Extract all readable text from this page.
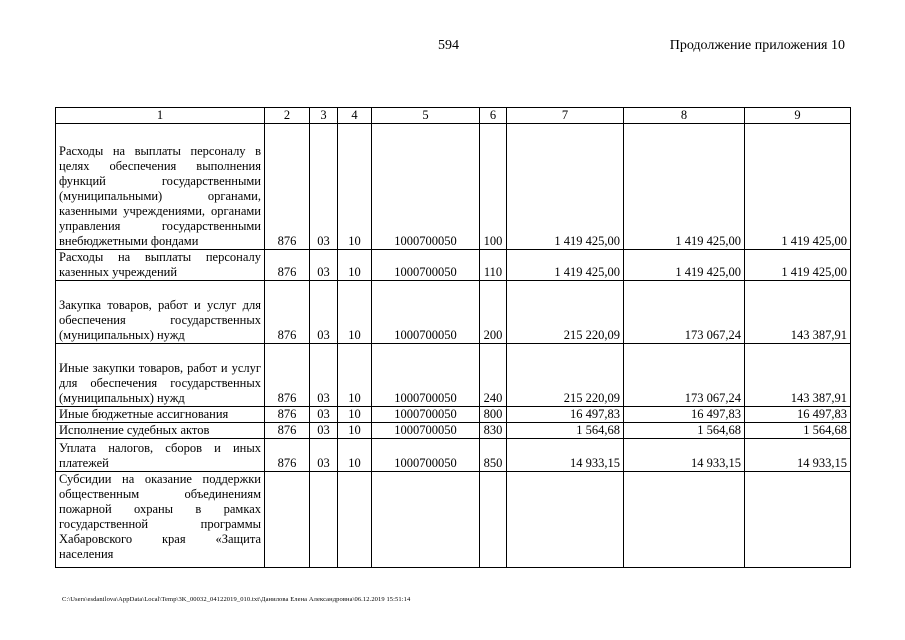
594	Продолжение приложения 10
1	2	3	4	5	6	7	8	9
Расходы на выплаты персоналу в целях обеспечения выполнения функций государственными (муниципальными) органами, казенными учреждениями, органами управления государственными внебюджетными фондами	876	03	10	1000700050	100	1 419 425,00	1 419 425,00	1 419 425,00
Расходы на выплаты персоналу казенных учреждений	876	03	10	1000700050	110	1 419 425,00	1 419 425,00	1 419 425,00
Закупка товаров, работ и услуг для обеспечения государственных (муниципальных) нужд	876	03	10	1000700050	200	215 220,09	173 067,24	143 387,91
Иные закупки товаров, работ и услуг для обеспечения государственных (муниципальных) нужд	876	03	10	1000700050	240	215 220,09	173 067,24	143 387,91
Иные бюджетные ассигнования	876	03	10	1000700050	800	16 497,83	16 497,83	16 497,83
Исполнение судебных актов	876	03	10	1000700050	830	1 564,68	1 564,68	1 564,68
Уплата налогов, сборов и иных платежей	876	03	10	1000700050	850	14 933,15	14 933,15	14 933,15
Субсидии на оказание поддержки общественным объединениям пожарной охраны в рамках государственной программы Хабаровского края «Защита населения								
C:\Users\esdanilova\AppData\Local\Temp\3K_00032_04122019_010.txt\Данилова Елена Александровна\06.12.2019 15:51:14
